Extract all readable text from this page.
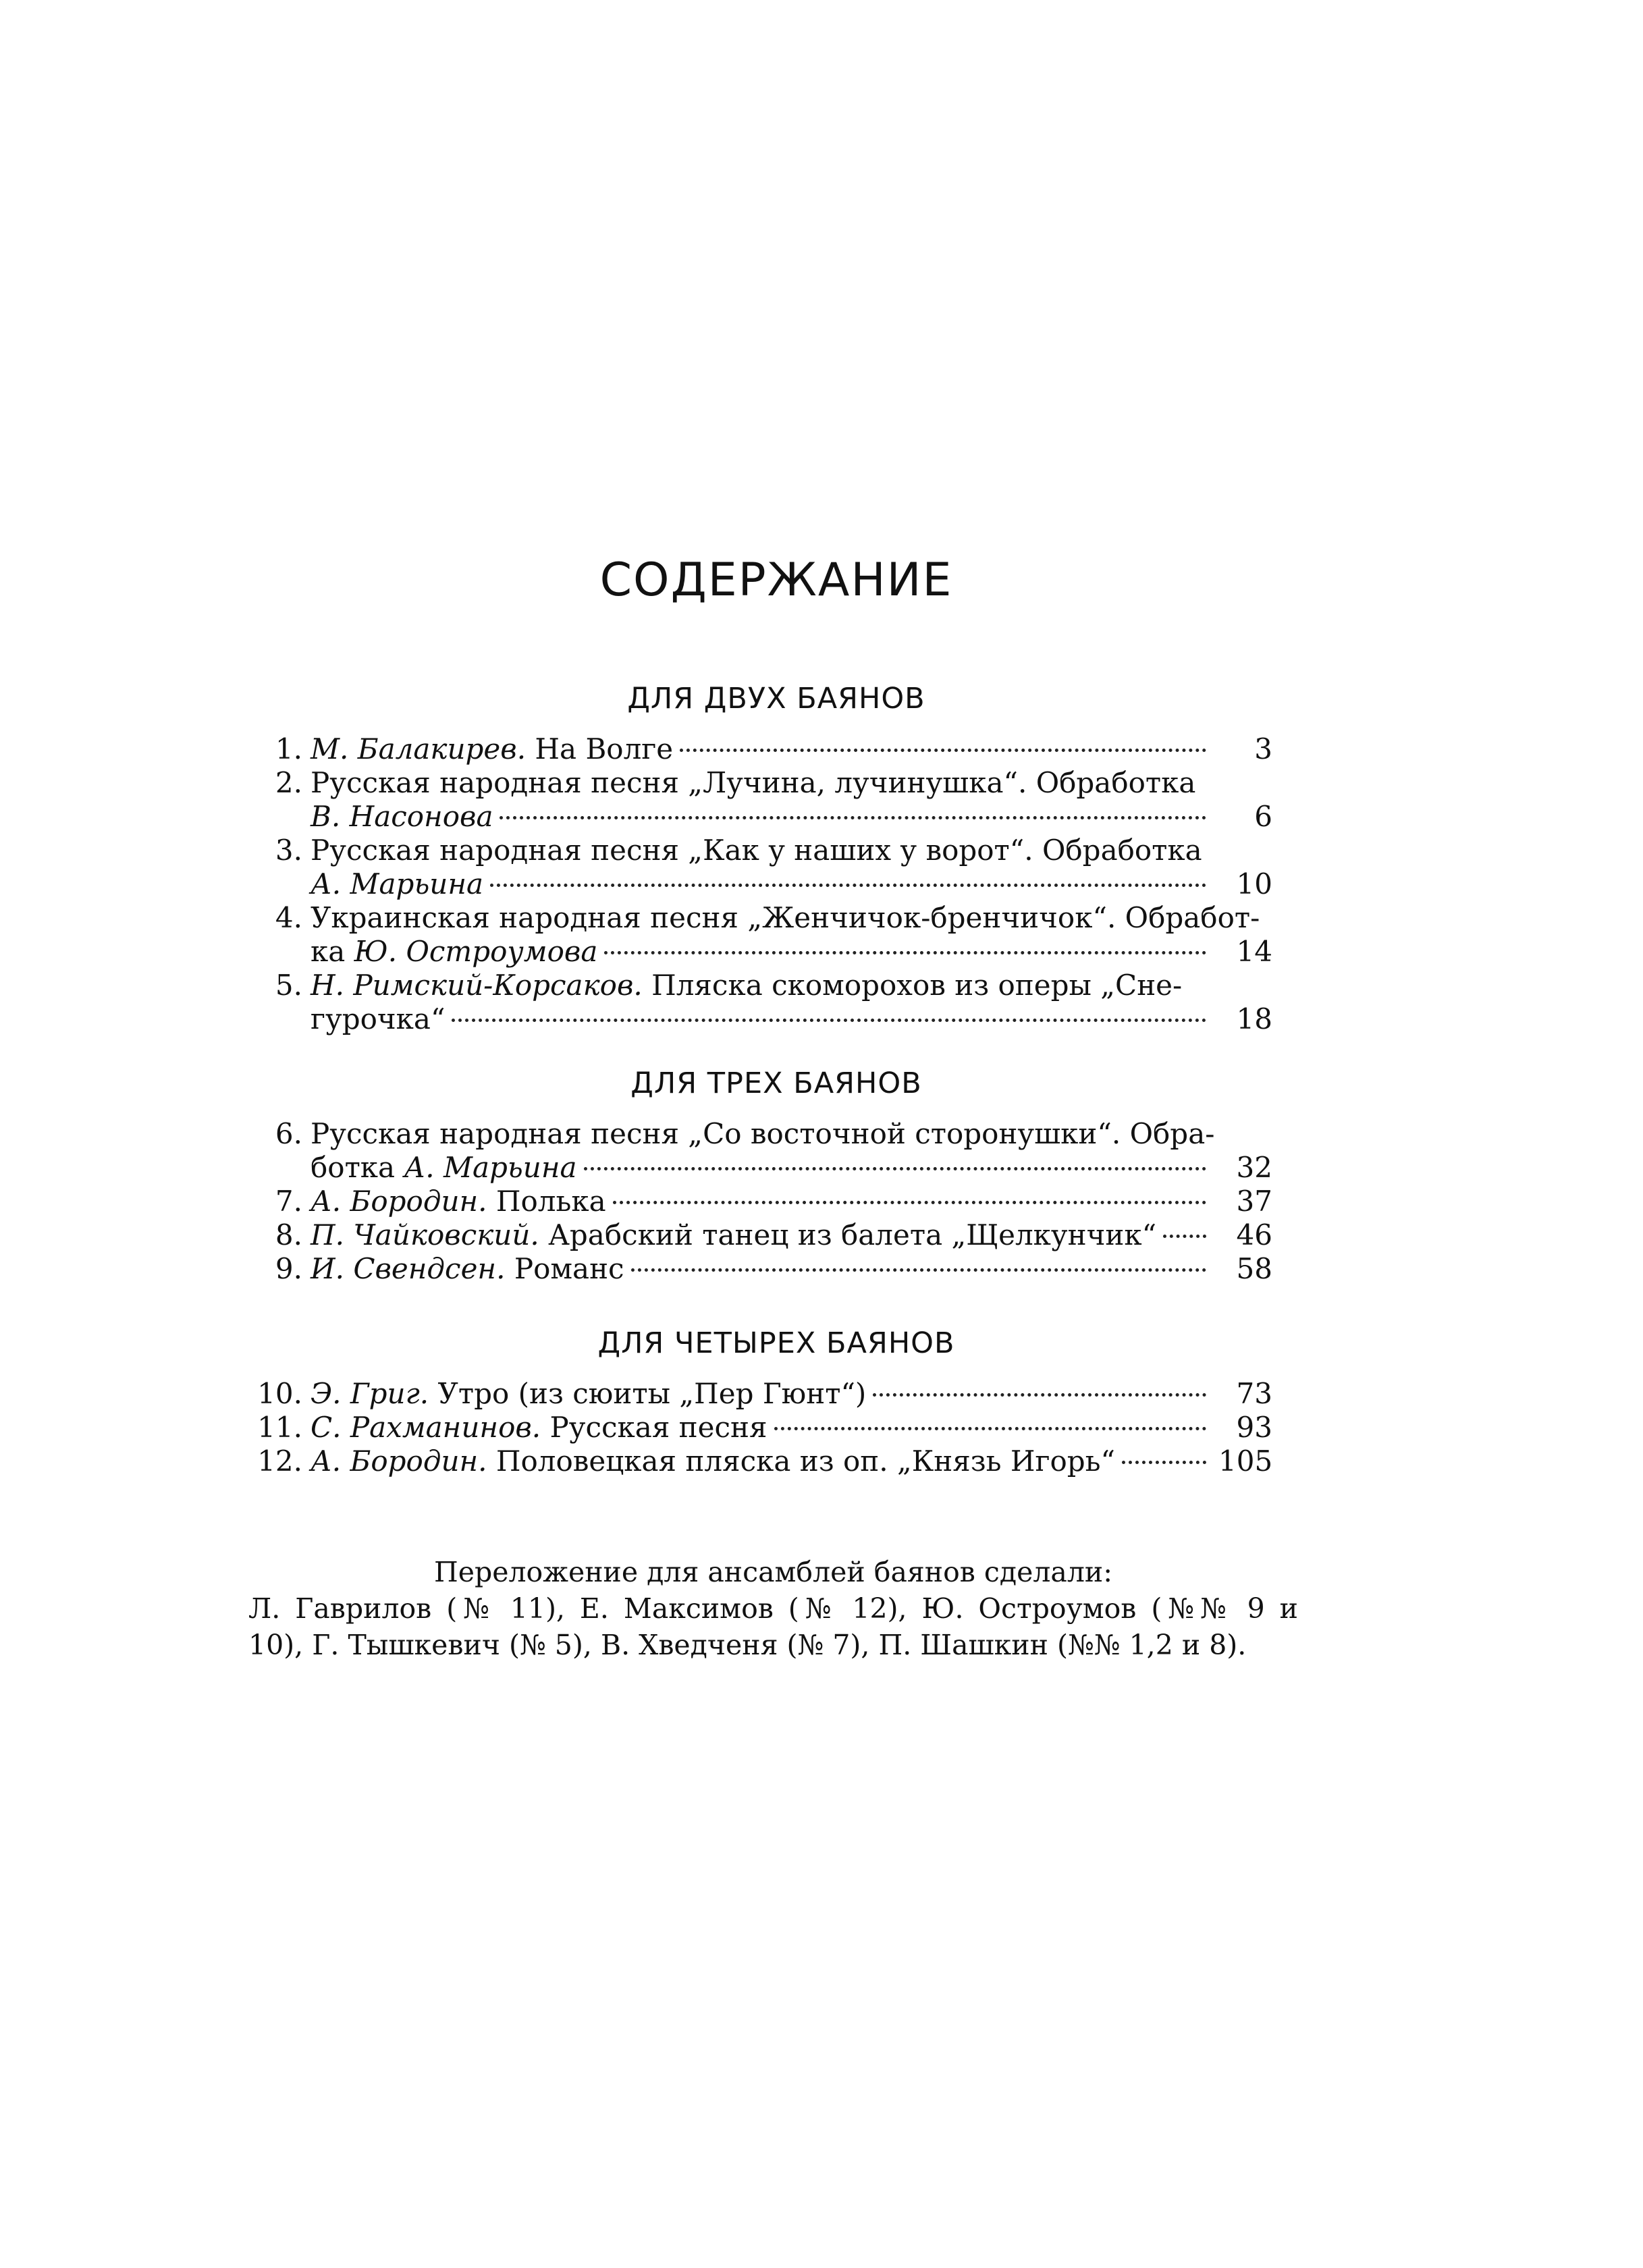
СОДЕРЖАНИЕ
ДЛЯ ДВУХ БАЯНОВ
1. М. Балакирев. На Волге	3
2. Русская народная песня „Лучина, лучинушка“. Обработка
В. Насонова	6
3. Русская народная песня „Как у наших у ворот“. Обработка
А. Марьина	10
4. Украинская народная песня „Женчичок-бренчичок“. Обработ-
ка Ю. Остроумова	14
5. Н. Римский-Корсаков. Пляска скоморохов из оперы „Сне-
гурочка“	18
ДЛЯ ТРЕХ БАЯНОВ
6. Русская народная песня „Со восточной сторонушки“. Обра-
ботка А. Марьина	32
7. А. Бородин. Полька	37
8. П. Чайковский. Арабский танец из балета „Щелкунчик“	46
9. И. Свендсен. Романс	58
ДЛЯ ЧЕТЫРЕХ БАЯНОВ
10. Э. Григ. Утро (из сюиты „Пер Гюнт“)	73
11. С. Рахманинов. Русская песня	93
12. А. Бородин. Половецкая пляска из оп. „Князь Игорь“	105
Переложение для ансамблей баянов сделали:
Л. Гаврилов (№ 11), Е. Максимов (№ 12), Ю. Остроумов (№№ 9 и
10), Г. Тышкевич (№ 5), В. Хведченя (№ 7), П. Шашкин (№№ 1,2 и 8).
